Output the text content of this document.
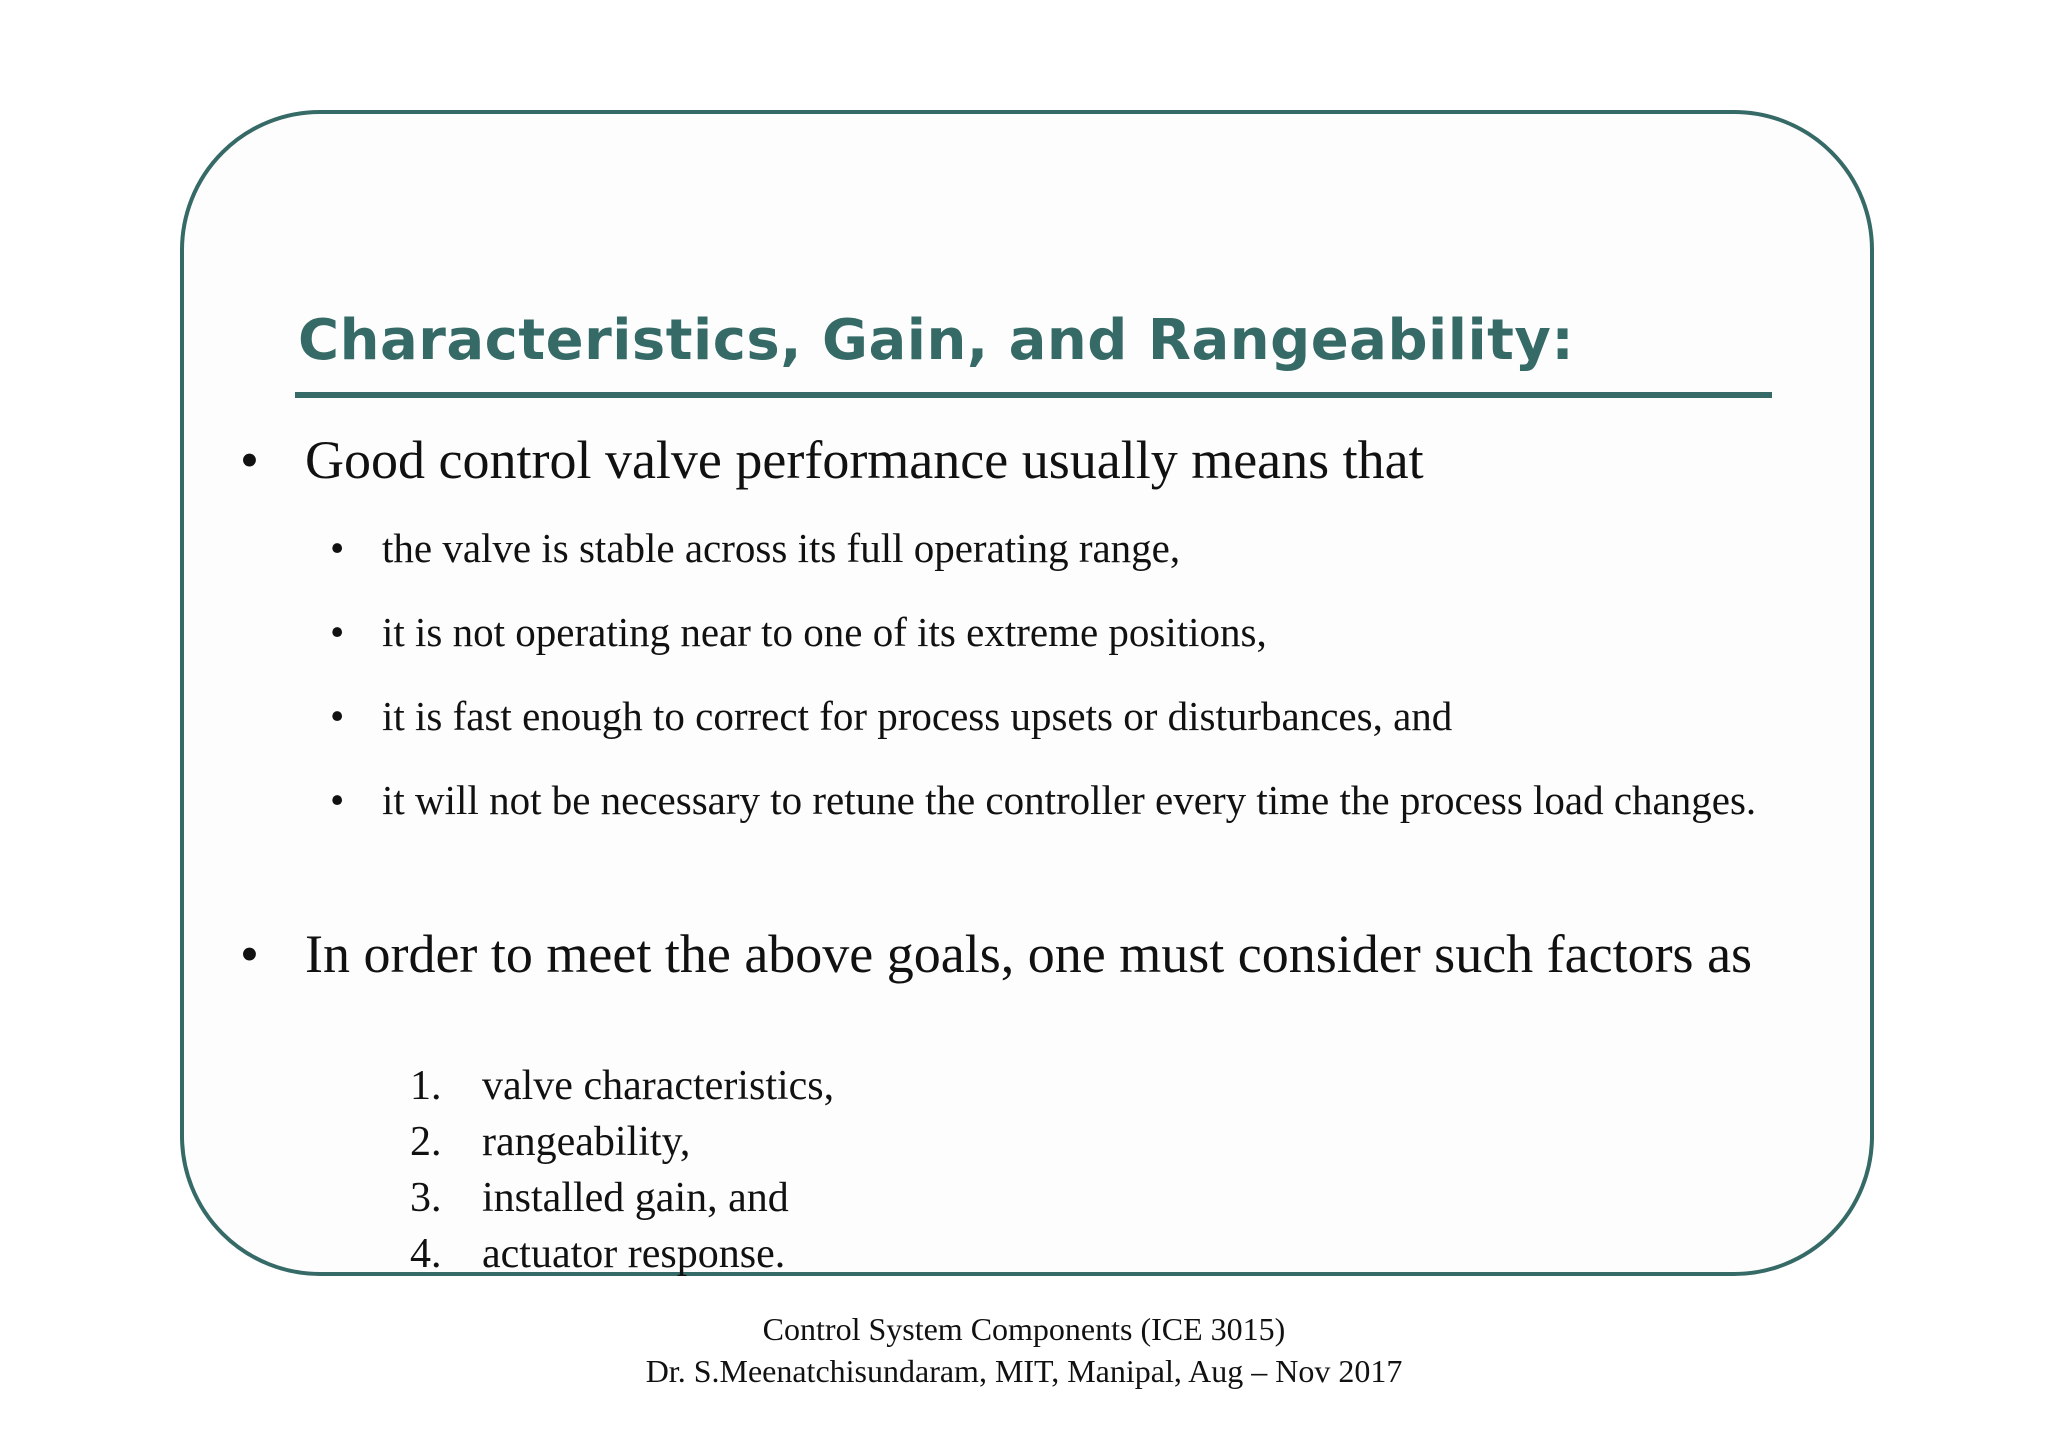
Characteristics, Gain, and Rangeability:
• Good control valve performance usually means that
• the valve is stable across its full operating range,
• it is not operating near to one of its extreme positions,
• it is fast enough to correct for process upsets or disturbances, and
• it will not be necessary to retune the controller every time the process load changes.
• In order to meet the above goals, one must consider such factors as
1. valve characteristics,
2. rangeability,
3. installed gain, and
4. actuator response.
Control System Components (ICE 3015)
Dr. S.Meenatchisundaram, MIT, Manipal, Aug – Nov 2017
